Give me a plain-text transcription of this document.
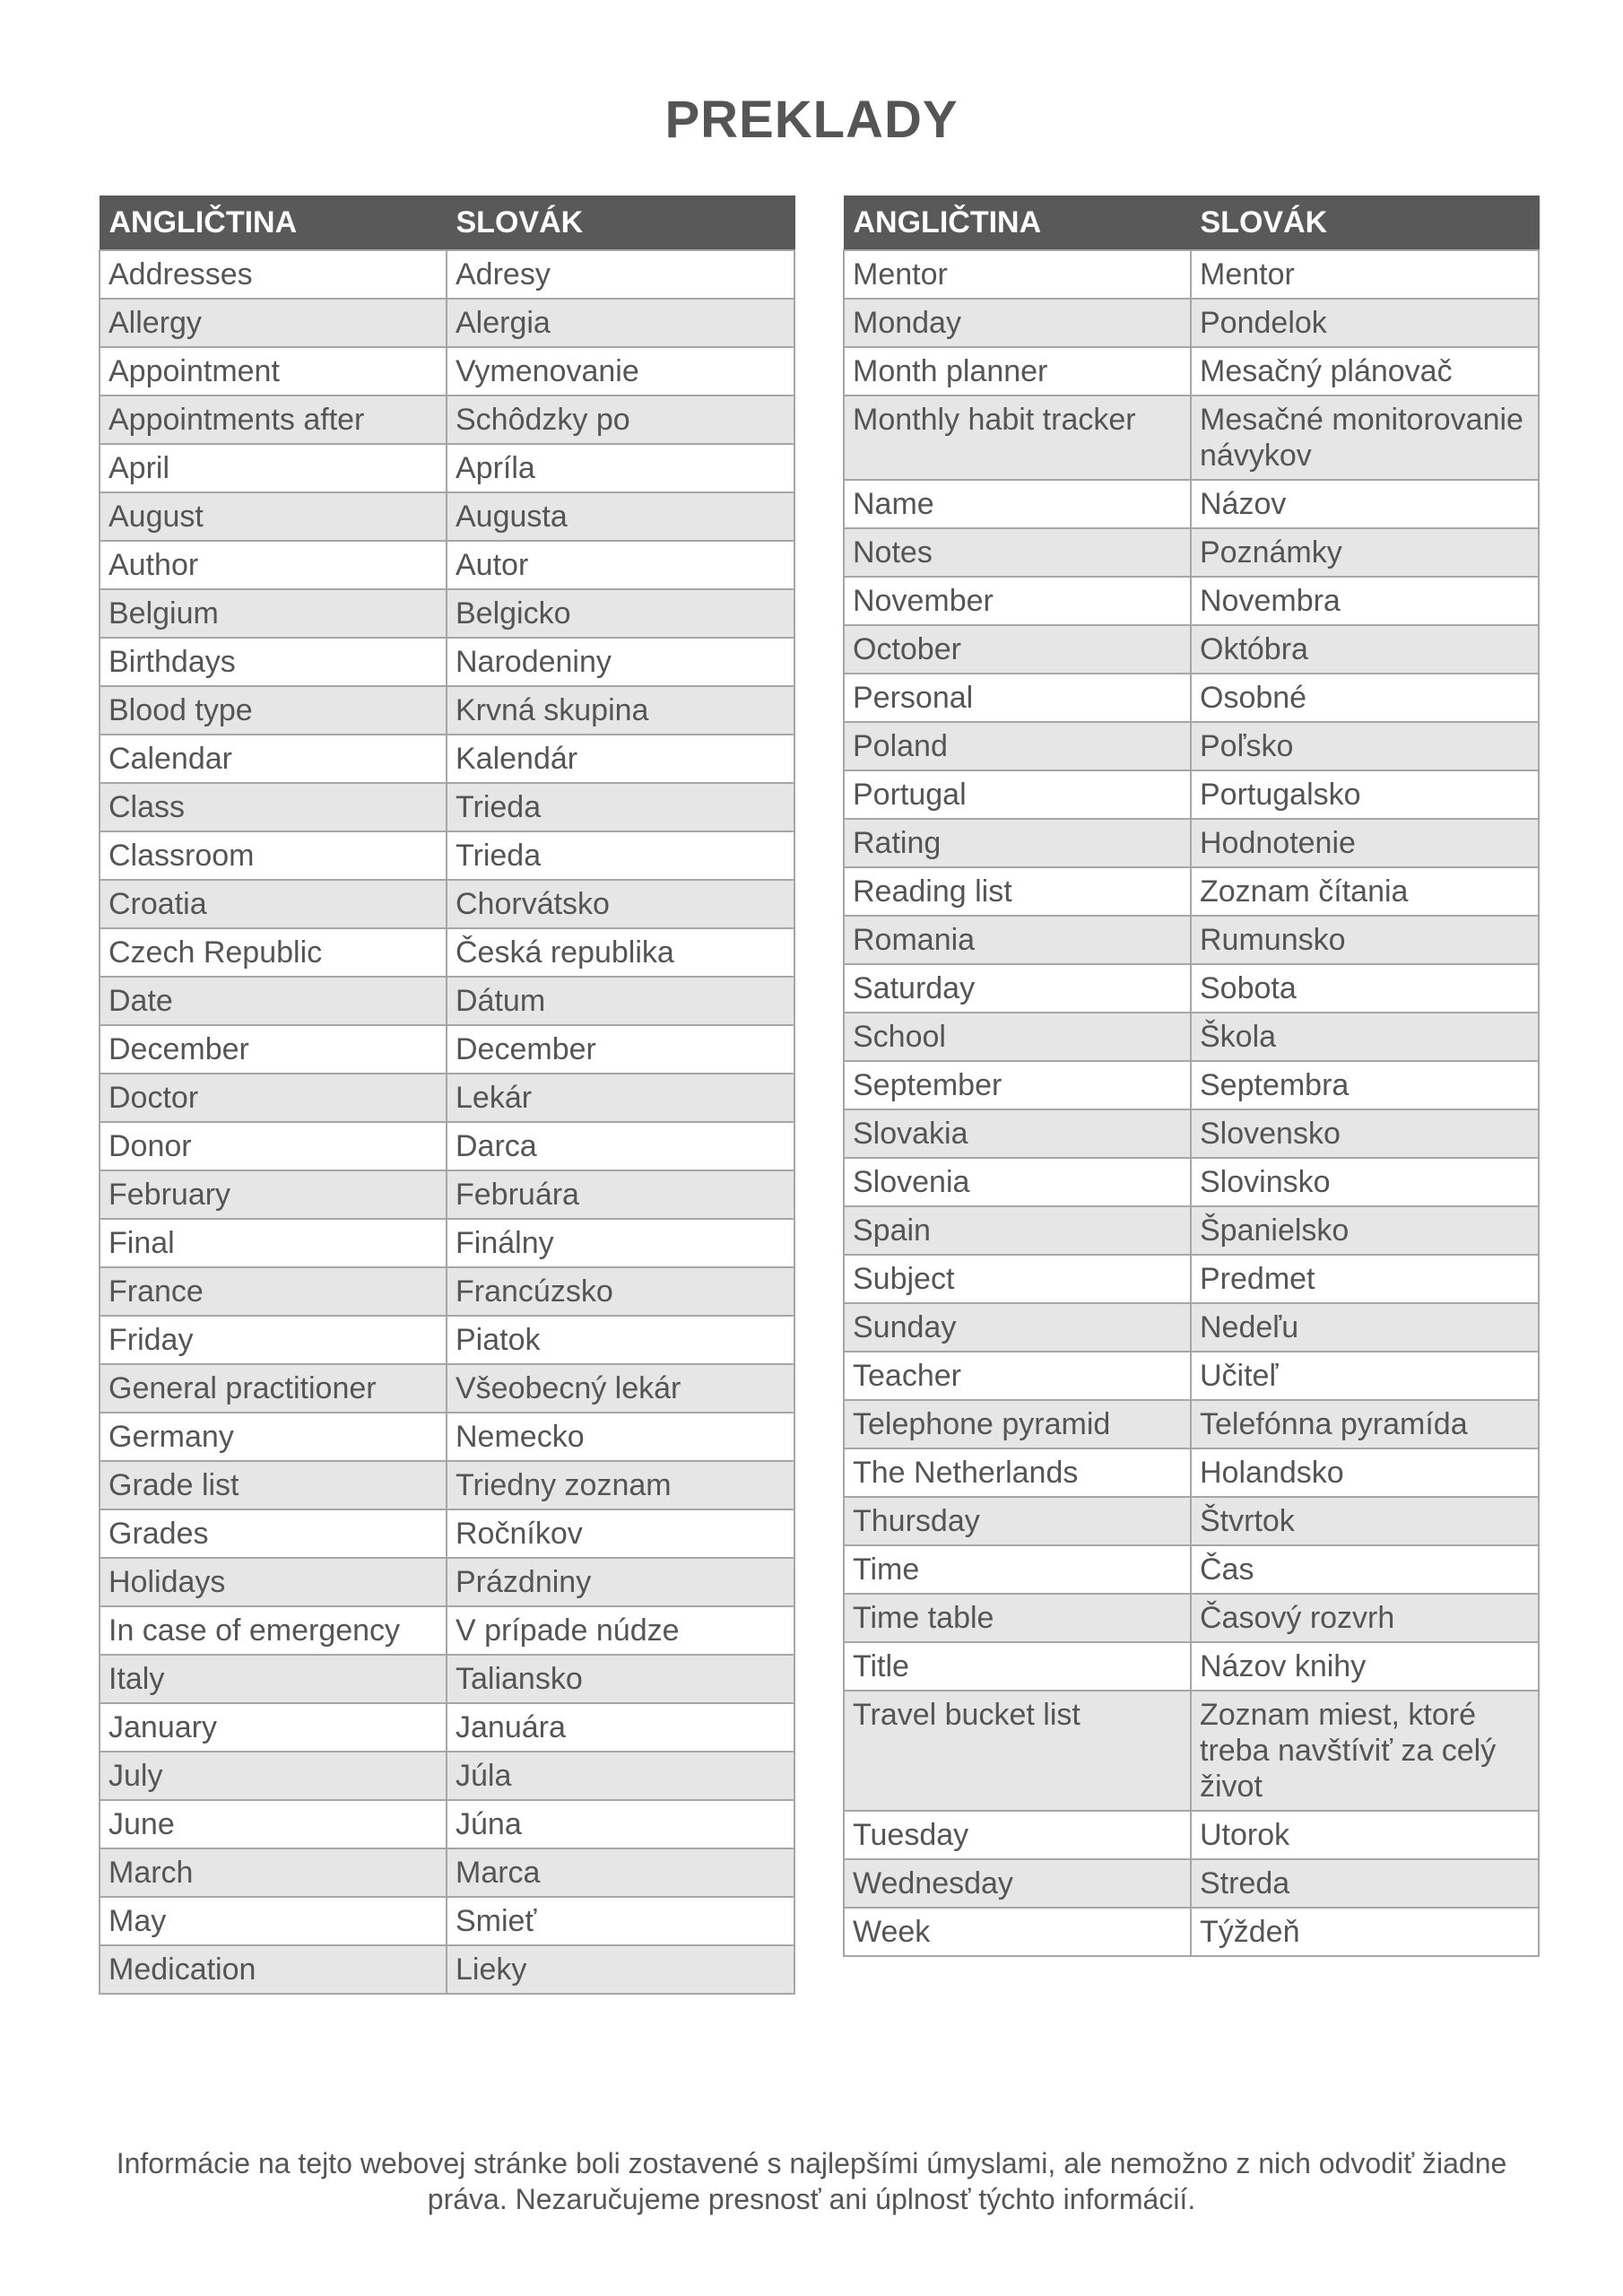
PREKLADY
ANGLIČTINA	SLOVÁK
Addresses	Adresy
Allergy	Alergia
Appointment	Vymenovanie
Appointments after	Schôdzky po
April	Apríla
August	Augusta
Author	Autor
Belgium	Belgicko
Birthdays	Narodeniny
Blood type	Krvná skupina
Calendar	Kalendár
Class	Trieda
Classroom	Trieda
Croatia	Chorvátsko
Czech Republic	Česká republika
Date	Dátum
December	December
Doctor	Lekár
Donor	Darca
February	Februára
Final	Finálny
France	Francúzsko
Friday	Piatok
General practitioner	Všeobecný lekár
Germany	Nemecko
Grade list	Triedny zoznam
Grades	Ročníkov
Holidays	Prázdniny
In case of emergency	V prípade núdze
Italy	Taliansko
January	Januára
July	Júla
June	Júna
March	Marca
May	Smieť
Medication	Lieky
ANGLIČTINA	SLOVÁK
Mentor	Mentor
Monday	Pondelok
Month planner	Mesačný plánovač
Monthly habit tracker	Mesačné monitorovanie návykov
Name	Názov
Notes	Poznámky
November	Novembra
October	Októbra
Personal	Osobné
Poland	Poľsko
Portugal	Portugalsko
Rating	Hodnotenie
Reading list	Zoznam čítania
Romania	Rumunsko
Saturday	Sobota
School	Škola
September	Septembra
Slovakia	Slovensko
Slovenia	Slovinsko
Spain	Španielsko
Subject	Predmet
Sunday	Nedeľu
Teacher	Učiteľ
Telephone pyramid	Telefónna pyramída
The Netherlands	Holandsko
Thursday	Štvrtok
Time	Čas
Time table	Časový rozvrh
Title	Názov knihy
Travel bucket list	Zoznam miest, ktoré treba navštíviť za celý život
Tuesday	Utorok
Wednesday	Streda
Week	Týždeň
Informácie na tejto webovej stránke boli zostavené s najlepšími úmyslami, ale nemožno z nich odvodiť žiadne práva. Nezaručujeme presnosť ani úplnosť týchto informácií.
